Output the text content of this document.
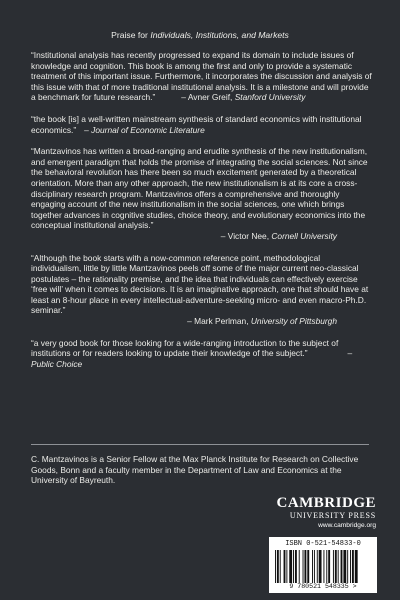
Praise for Individuals, Institutions, and Markets

“Institutional analysis has recently progressed to expand its domain to include issues of knowledge and cognition. This book is among the first and only to provide a systematic treatment of this important issue. Furthermore, it incorporates the discussion and analysis of this issue with that of more traditional institutional analysis. It is a milestone and will provide a benchmark for future research.”	– Avner Greif, Stanford University

“the book [is] a well-written mainstream synthesis of standard economics with institutional economics.” – Journal of Economic Literature

“Mantzavinos has written a broad-ranging and erudite synthesis of the new institutionalism, and emergent paradigm that holds the promise of integrating the social sciences. Not since the behavioral revolution has there been so much excitement generated by a theoretical orientation. More than any other approach, the new institutionalism is at its core a cross-disciplinary research program. Mantzavinos offers a comprehensive and thoroughly engaging account of the new institutionalism in the social sciences, one which brings together advances in cognitive studies, choice theory, and evolutionary economics into the conceptual institutional analysis.”
– Victor Nee, Cornell University

“Although the book starts with a now-common reference point, methodological individualism, little by little Mantzavinos peels off some of the major current neo-classical postulates – the rationality premise, and the idea that individuals can effectively exercise ‘free will’ when it comes to decisions. It is an imaginative approach, one that should have at least an 8-hour place in every intellectual-adventure-seeking micro- and even macro-Ph.D. seminar.”
– Mark Perlman, University of Pittsburgh

“a very good book for those looking for a wide-ranging introduction to the subject of institutions or for readers looking to update their knowledge of the subject.”	– Public Choice

C. Mantzavinos is a Senior Fellow at the Max Planck Institute for Research on Collective Goods, Bonn and a faculty member in the Department of Law and Economics at the University of Bayreuth.
CAMBRIDGE
UNIVERSITY PRESS
www.cambridge.org
ISBN 0-521-54833-0
9 780521 548335 >
